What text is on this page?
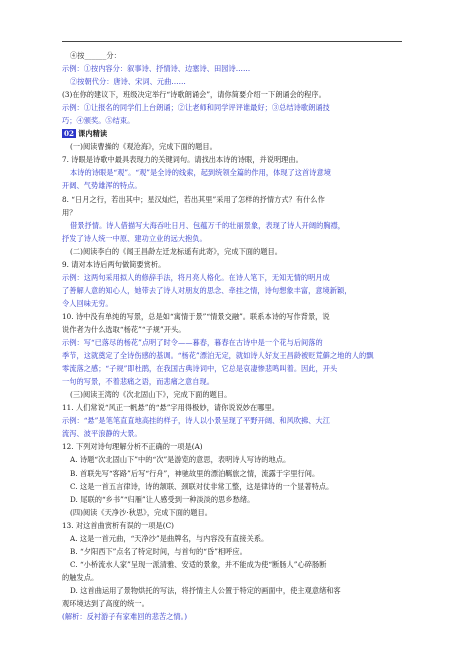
④按______分：

示例：①按内容分：叙事诗、抒情诗、边塞诗、田园诗……

②按朝代分：唐诗、宋词、元曲……

(3)在你的建议下，班级决定举行“诗歌朗诵会”，请你简要介绍一下朗诵会的程序。

示例：①让报名的同学们上台朗诵；②让老师和同学评评谁最好；③总结诗歌朗诵技

巧；④颁奖。⑤结束。

02 课内精读

(一)阅读曹操的《观沧海》，完成下面的题目。

7. 诗眼是诗歌中最具表现力的关键词句。请找出本诗的诗眼，并说明理由。

本诗的诗眼是“观”。“观”是全诗的线索，起到统领全篇的作用，体现了这首诗意境

开阔、气势雄浑的特点。

8. “日月之行，若出其中；星汉灿烂，若出其里”采用了怎样的抒情方式？有什么作

用？

借景抒情。诗人借描写大海吞吐日月、包蕴万千的壮丽景象，表现了诗人开阔的胸襟，

抒发了诗人统一中原、建功立业的远大抱负。

(二)阅读李白的《闻王昌龄左迁龙标遥有此寄》，完成下面的题目。

9. 请对本诗后两句做简要赏析。

示例：这两句采用拟人的修辞手法，将月亮人格化。在诗人笔下，无知无情的明月成

了善解人意的知心人，她带去了诗人对朋友的思念、牵挂之情，诗句想象丰富，意境新颖，

令人回味无穷。

10. 诗中没有单纯的写景，总是如“寓情于景”“情景交融”。联系本诗的写作背景，说

说作者为什么选取“杨花”“子规”开头。

示例：写“已落尽的杨花”点明了时令——暮春，暮春在古诗中是一个花与后间落的

季节，这就奠定了全诗伤感的基调。“杨花”漂泊无定，就如诗人好友王昌龄被贬荒僻之地的人的飘

零流落之感；“子规”即杜鹃，在我国古典诗词中，它总是哀凄惨悲鸣叫着。因此，开头

一句的写景，不着悲痛之语，而悲痛之意自现。

(三)阅读王湾的《次北固山下》，完成下面的题目。

11. 人们常说“风正一帆悬”的“悬”字用得极妙，请你说说妙在哪里。

示例：“悬”是笔笔直直地高挂的样子，诗人以小景呈现了平野开阔、和风吹拂、大江

流泻、波平浪静的大景。

12. 下列对诗句理解分析不正确的一项是(A)

A. 诗题“次北固山下”中的“次”是游览的意思，表明诗人写诗的地点。

B. 首联先写“客路”后写“行舟”，神驰故里的漂泊羁旅之情，流露于字里行间。

C. 这是一首五言律诗，诗的颔联、颈联对仗非常工整，这是律诗的一个显著特点。

D. 尾联的“乡书”“归雁”让人感受到一种淡淡的思乡愁绪。

(四)阅读《天净沙·秋思》，完成下面的题目。

13. 对这首曲赏析有误的一项是(C)

A. 这是一首元曲，“天净沙”是曲牌名，与内容没有直接关系。

B. “夕阳西下”点名了特定时间，与首句的“昏”相呼应。

C. “小桥流水人家”呈现一派清雅、安适的景象，并不能成为使“断肠人”心碎肠断

的触发点。

D. 这首曲运用了景物烘托的写法，将抒情主人公置于特定的画面中，使主观意绪和客

观环境达到了高度的统一。

(解析：反衬游子有家难回的悲苦之情。)
